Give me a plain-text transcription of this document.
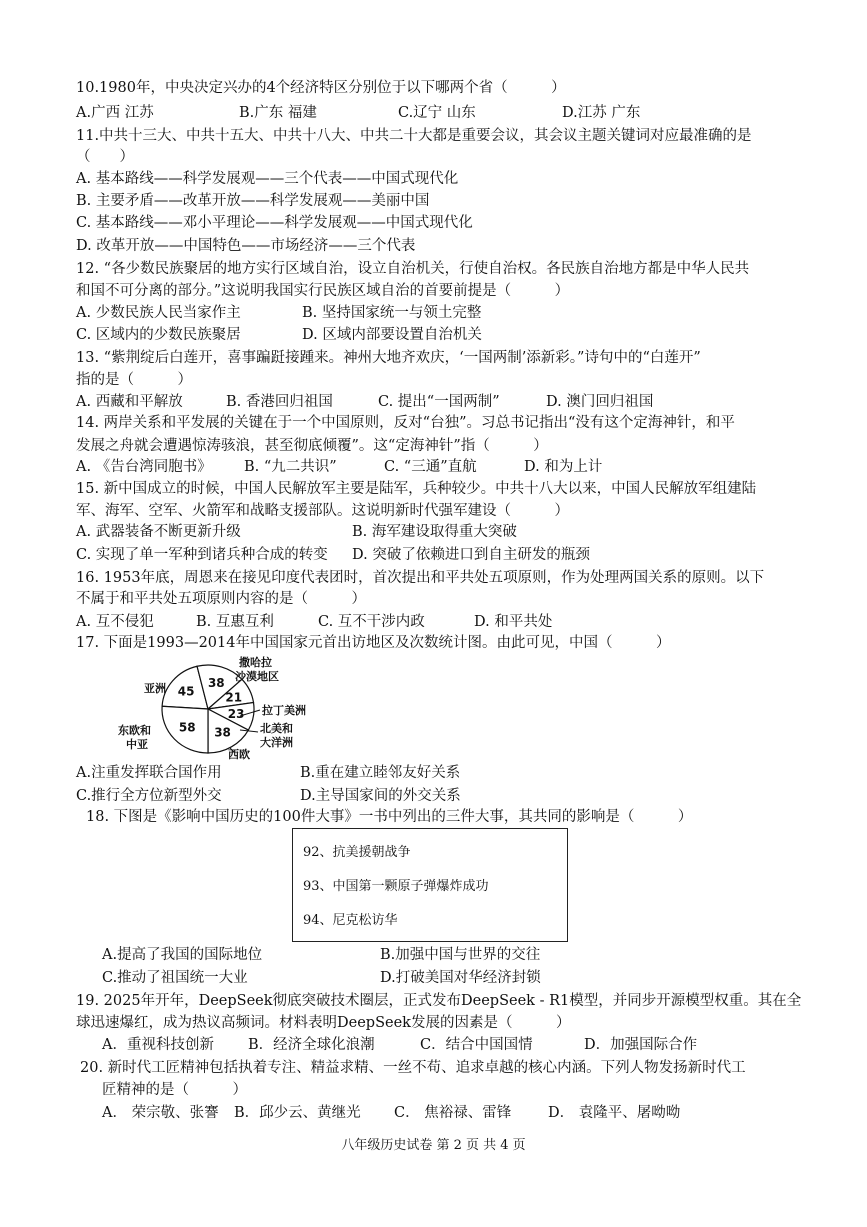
10.1980年，中央决定兴办的4个经济特区分别位于以下哪两个省（　　　）
A.广西 江苏	B.广东 福建	C.辽宁 山东	D.江苏 广东
11.中共十三大、中共十五大、中共十八大、中共二十大都是重要会议，其会议主题关键词对应最准确的是
（　　）
A. 基本路线——科学发展观——三个代表——中国式现代化
B. 主要矛盾——改革开放——科学发展观——美丽中国
C. 基本路线——邓小平理论——科学发展观——中国式现代化
D. 改革开放——中国特色——市场经济——三个代表
12. “各少数民族聚居的地方实行区域自治，设立自治机关，行使自治权。各民族自治地方都是中华人民共
和国不可分离的部分。”这说明我国实行民族区域自治的首要前提是（　　　）
A. 少数民族人民当家作主	B. 坚持国家统一与领土完整
C. 区域内的少数民族聚居	D. 区域内部要设置自治机关
13. “紫荆绽后白莲开，喜事蹁跹接踵来。神州大地齐欢庆，‘一国两制’添新彩。”诗句中的“白莲开”
指的是（　　　）
A. 西藏和平解放	B. 香港回归祖国	C. 提出“一国两制”	D. 澳门回归祖国
14. 两岸关系和平发展的关键在于一个中国原则，反对“台独”。习总书记指出“没有这个定海神针，和平
发展之舟就会遭遇惊涛骇浪，甚至彻底倾覆”。这“定海神针”指（　　　）
A. 《告台湾同胞书》 B. “九二共识”	C. “三通”直航	D. 和为上计
15. 新中国成立的时候，中国人民解放军主要是陆军，兵种较少。中共十八大以来，中国人民解放军组建陆
军、海军、空军、火箭军和战略支援部队。这说明新时代强军建设（　　　）
A. 武器装备不断更新升级	B. 海军建设取得重大突破
C. 实现了单一军种到诸兵种合成的转变 D. 突破了依赖进口到自主研发的瓶颈
16. 1953年底，周恩来在接见印度代表团时，首次提出和平共处五项原则，作为处理两国关系的原则。以下
不属于和平共处五项原则内容的是（　　　）
A. 互不侵犯	B. 互惠互利	C. 互不干涉内政	D. 和平共处
17. 下面是1993—2014年中国国家元首出访地区及次数统计图。由此可见，中国（　　　）
45
38
21
23
38
58
亚洲
撒哈拉
沙漠地区
拉丁美洲
北美和
大洋洲
西欧
东欧和
中亚
A.注重发挥联合国作用	B.重在建立睦邻友好关系
C.推行全方位新型外交	D.主导国家间的外交关系
18. 下图是《影响中国历史的100件大事》一书中列出的三件大事，其共同的影响是（　　　）
92、抗美援朝战争
93、中国第一颗原子弹爆炸成功
94、尼克松访华
A.提高了我国的国际地位	B.加强中国与世界的交往
C.推动了祖国统一大业	D.打破美国对华经济封锁
19. 2025年开年，DeepSeek彻底突破技术圈层，正式发布DeepSeek - R1模型，并同步开源模型权重。其在全
球迅速爆红，成为热议高频词。材料表明DeepSeek发展的因素是（　　　）
A．重视科技创新 B．经济全球化浪潮	C．结合中国国情	D．加强国际合作
20. 新时代工匠精神包括执着专注、精益求精、一丝不苟、追求卓越的核心内涵。下列人物发扬新时代工
匠精神的是（　　　）
A． 荣宗敬、张謇 B．邱少云、黄继光 C． 焦裕禄、雷锋	D． 袁隆平、屠呦呦
八年级历史试卷 第 2 页 共 4 页
